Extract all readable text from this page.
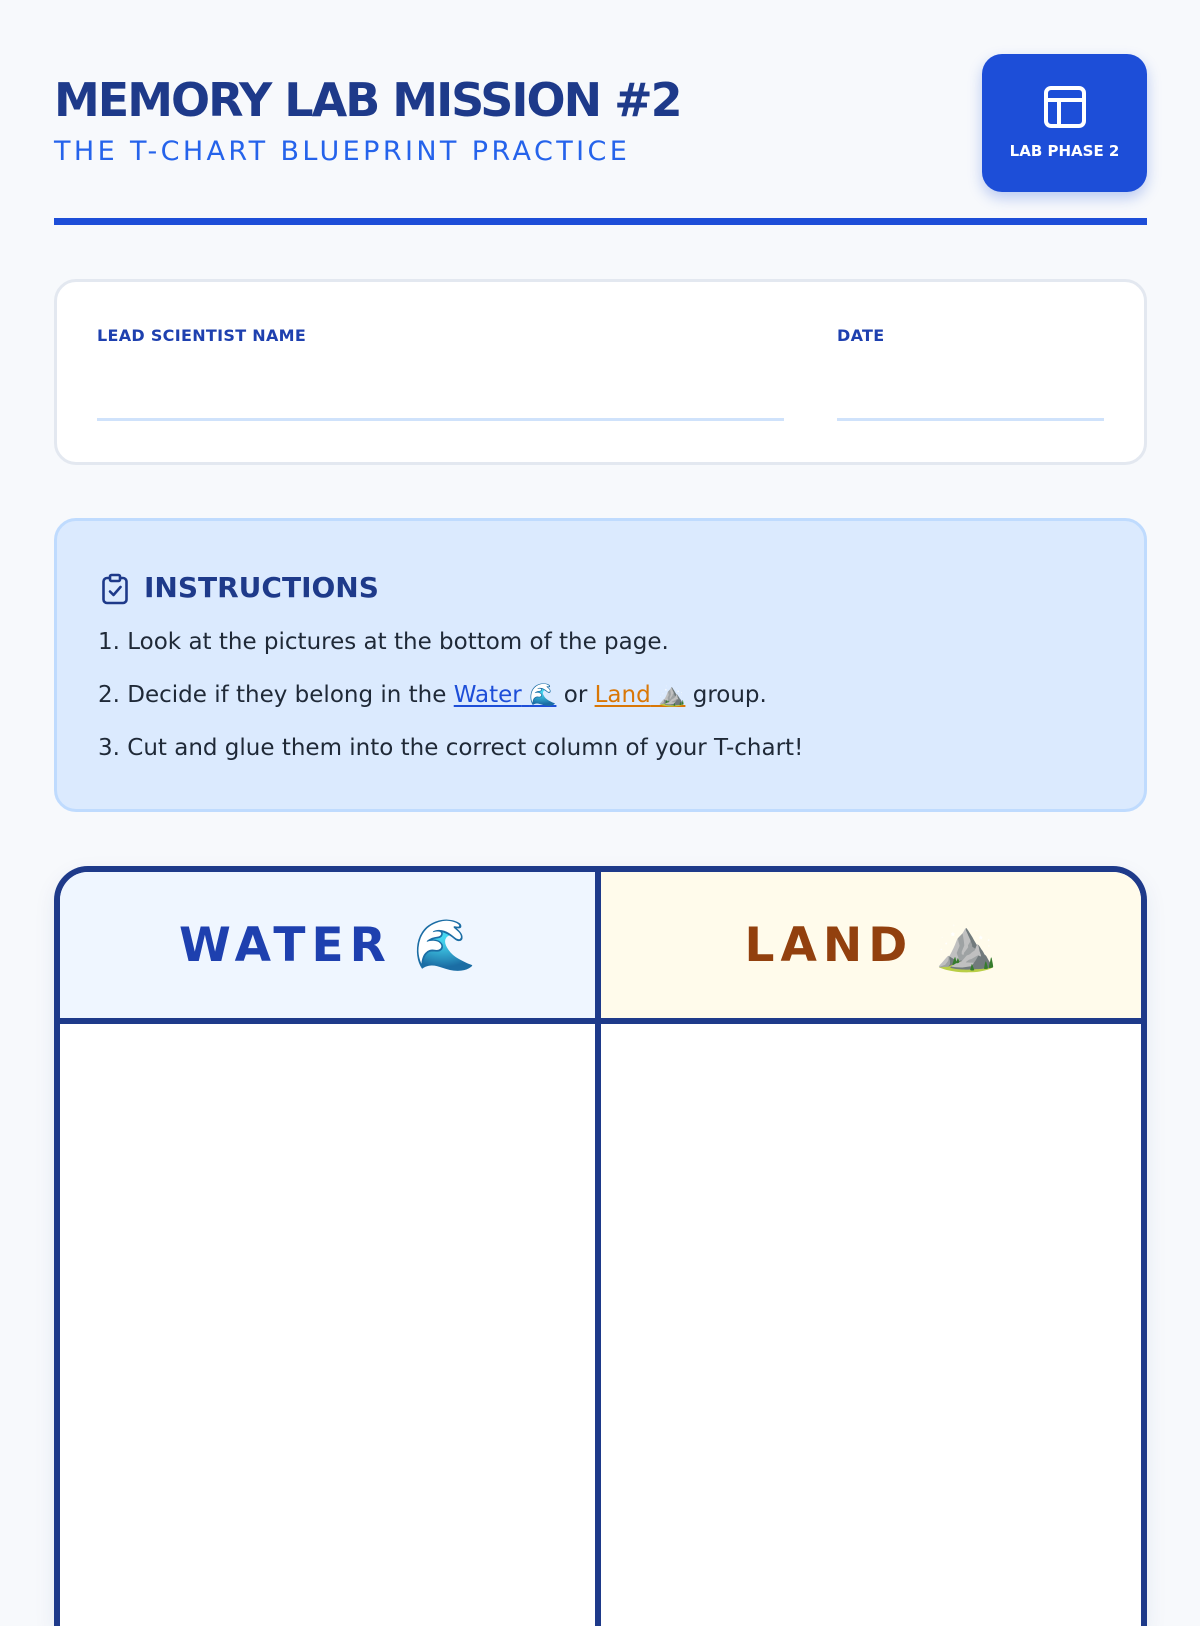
MEMORY LAB MISSION #2

THE T-CHART BLUEPRINT PRACTICE	LAB PHASE 2
LEAD SCIENTIST NAME	DATE
INSTRUCTIONS
1. Look at the pictures at the bottom of the page.
2. Decide if they belong in the Water 🌊 or Land ⛰️ group.
3. Cut and glue them into the correct column of your T-chart!
WATER 🌊	LAND ⛰️
